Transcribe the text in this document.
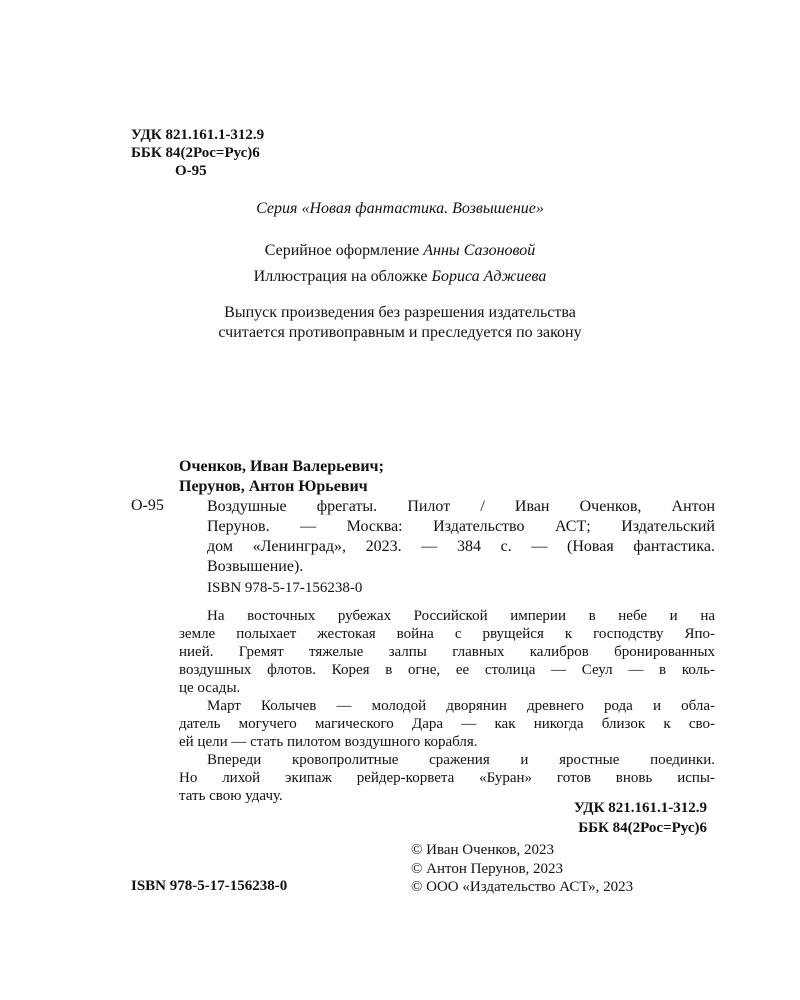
УДК 821.161.1-312.9
ББК 84(2Рос=Рус)6
О-95
Серия «Новая фантастика. Возвышение»
Серийное оформление Анны Сазоновой
Иллюстрация на обложке Бориса Аджиева
Выпуск произведения без разрешения издательства
считается противоправным и преследуется по закону
Оченков, Иван Валерьевич;
Перунов, Антон Юрьевич
О-95	Воздушные фрегаты. Пилот / Иван Оченков, Антон
Перунов. — Москва: Издательство АСТ; Издательский
дом «Ленинград», 2023. — 384 с. — (Новая фантастика.
Возвышение).
ISBN 978-5-17-156238-0
На восточных рубежах Российской империи в небе и на
земле полыхает жестокая война с рвущейся к господству Япо-
нией. Гремят тяжелые залпы главных калибров бронированных
воздушных флотов. Корея в огне, ее столица — Сеул — в коль-
це осады.
Март Колычев — молодой дворянин древнего рода и обла-
датель могучего магического Дара — как никогда близок к сво-
ей цели — стать пилотом воздушного корабля.
Впереди кровопролитные сражения и яростные поединки.
Но лихой экипаж рейдер-корвета «Буран» готов вновь испы-
тать свою удачу.
УДК 821.161.1-312.9
ББК 84(2Рос=Рус)6
© Иван Оченков, 2023
© Антон Перунов, 2023
© ООО «Издательство АСТ», 2023
ISBN 978-5-17-156238-0
